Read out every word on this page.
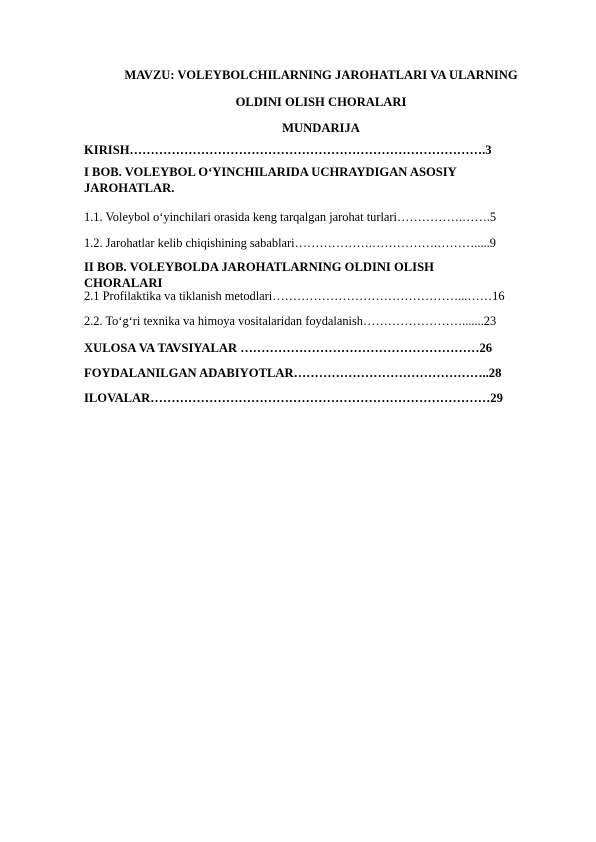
MAVZU: VOLEYBOLCHILARNING JAROHATLARI VA ULARNING
OLDINI OLISH CHORALARI
MUNDARIJA
KIRISH………………………………………………………………………….3
I BOB. VOLEYBOL O‘YINCHILARIDA UCHRAYDIGAN ASOSIY
JAROHATLAR.
1.1. Voleybol o‘yinchilari orasida keng tarqalgan jarohat turlari…………….…….5
1.2. Jarohatlar kelib chiqishining sabablari……………….…………….……….....9
II BOB. VOLEYBOLDA JAROHATLARNING OLDINI OLISH
CHORALARI
2.1 Profilaktika va tiklanish metodlari………………………………………...……16
2.2. To‘g‘ri texnika va himoya vositalaridan foydalanish…………………….......23
XULOSA VA TAVSIYALAR …………………………………………………26
FOYDALANILGAN ADABIYOTLAR………………………………………..28
ILOVALAR………………………………………………………………………29
